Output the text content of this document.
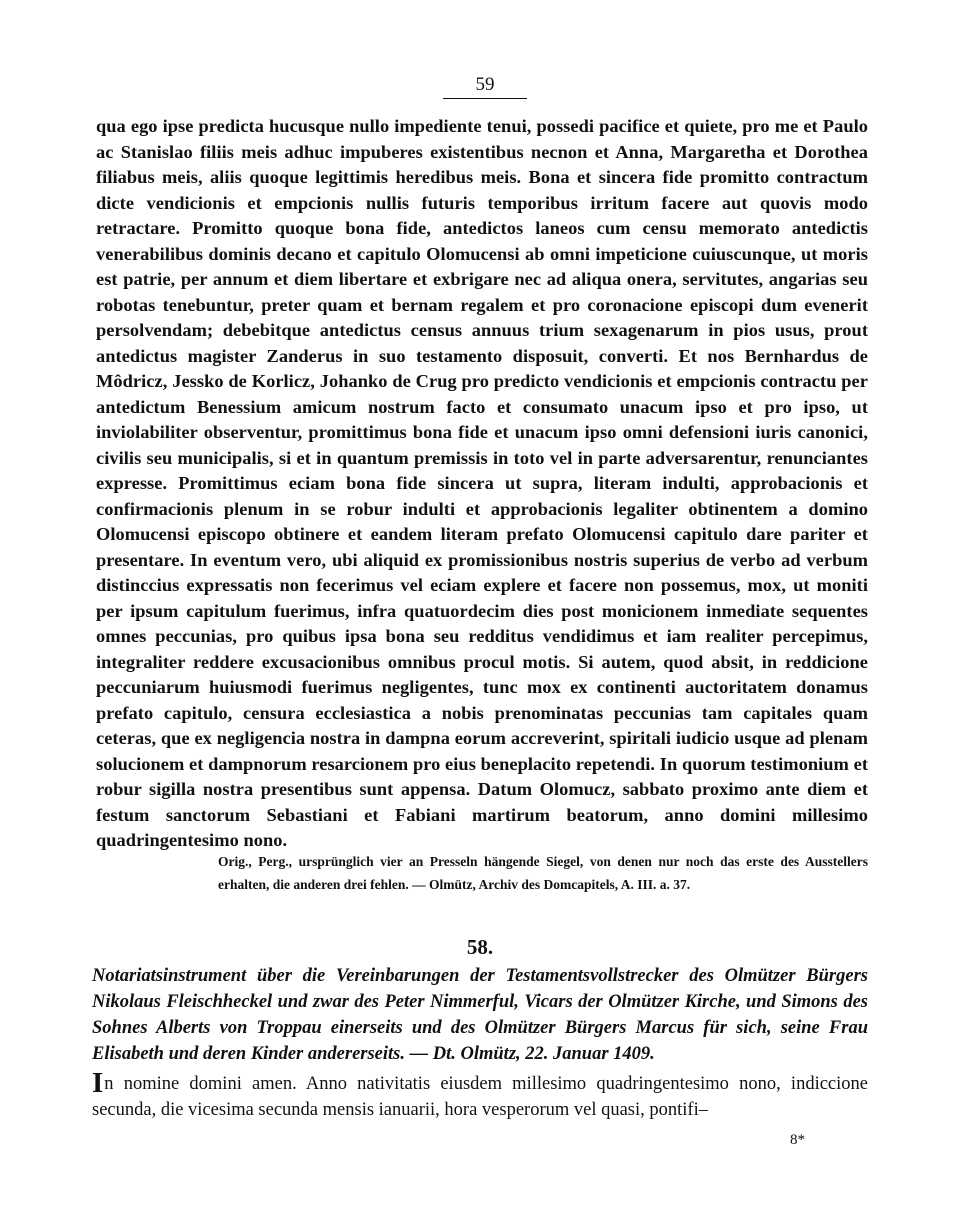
59

qua ego ipse predicta hucusque nullo impediente tenui, possedi pacifice et quiete, pro me et Paulo ac Stanislao filiis meis adhuc impuberes existentibus necnon et Anna, Margaretha et Dorothea filiabus meis, aliis quoque legittimis heredibus meis. Bona et sincera fide promitto contractum dicte vendicionis et empcionis nullis futuris temporibus irritum facere aut quovis modo retractare. Promitto quoque bona fide, antedictos laneos cum censu memorato antedictis venerabilibus dominis decano et capitulo Olomucensi ab omni impeticione cuiuscunque, ut moris est patrie, per annum et diem libertare et exbrigare nec ad aliqua onera, servitutes, angarias seu robotas tenebuntur, preter quam et bernam regalem et pro coronacione episcopi dum evenerit persolvendam; debebitque antedictus census annuus trium sexagenarum in pios usus, prout antedictus magister Zanderus in suo testamento disposuit, converti. Et nos Bernhardus de Môdricz, Jessko de Korlicz, Johanko de Crug pro predicto vendicionis et empcionis contractu per antedictum Benessium amicum nostrum facto et consumato unacum ipso et pro ipso, ut inviolabiliter observentur, promittimus bona fide et unacum ipso omni defensioni iuris canonici, civilis seu municipalis, si et in quantum premissis in toto vel in parte adversarentur, renunciantes expresse. Promittimus eciam bona fide sincera ut supra, literam indulti, approbacionis et confirmacionis plenum in se robur indulti et approbacionis legaliter obtinentem a domino Olomucensi episcopo obtinere et eandem literam prefato Olomucensi capitulo dare pariter et presentare. In eventum vero, ubi aliquid ex promissionibus nostris superius de verbo ad verbum distinccius expressatis non fecerimus vel eciam explere et facere non possemus, mox, ut moniti per ipsum capitulum fuerimus, infra quatuordecim dies post monicionem inmediate sequentes omnes peccunias, pro quibus ipsa bona seu redditus vendidimus et iam realiter percepimus, integraliter reddere excusacionibus omnibus procul motis. Si autem, quod absit, in reddicione peccuniarum huiusmodi fuerimus negligentes, tunc mox ex continenti auctoritatem donamus prefato capitulo, censura ecclesiastica a nobis prenominatas peccunias tam capitales quam ceteras, que ex negligencia nostra in dampna eorum accreverint, spiritali iudicio usque ad plenam solucionem et dampnorum resarcionem pro eius beneplacito repetendi. In quorum testimonium et robur sigilla nostra presentibus sunt appensa. Datum Olomucz, sabbato proximo ante diem et festum sanctorum Sebastiani et Fabiani martirum beatorum, anno domini millesimo quadringentesimo nono.

Orig., Perg., ursprünglich vier an Presseln hängende Siegel, von denen nur noch das erste des Ausstellers erhalten, die anderen drei fehlen. — Olmütz, Archiv des Domcapitels, A. III. a. 37.

58.

Notariatsinstrument über die Vereinbarungen der Testamentsvollstrecker des Olmützer Bürgers Nikolaus Fleischheckel und zwar des Peter Nimmerful, Vicars der Olmützer Kirche, und Simons des Sohnes Alberts von Troppau einerseits und des Olmützer Bürgers Marcus für sich, seine Frau Elisabeth und deren Kinder andererseits. — Dt. Olmütz, 22. Januar 1409.

In nomine domini amen. Anno nativitatis eiusdem millesimo quadringentesimo nono, indiccione secunda, die vicesima secunda mensis ianuarii, hora vesperorum vel quasi, pontifi–

8*
